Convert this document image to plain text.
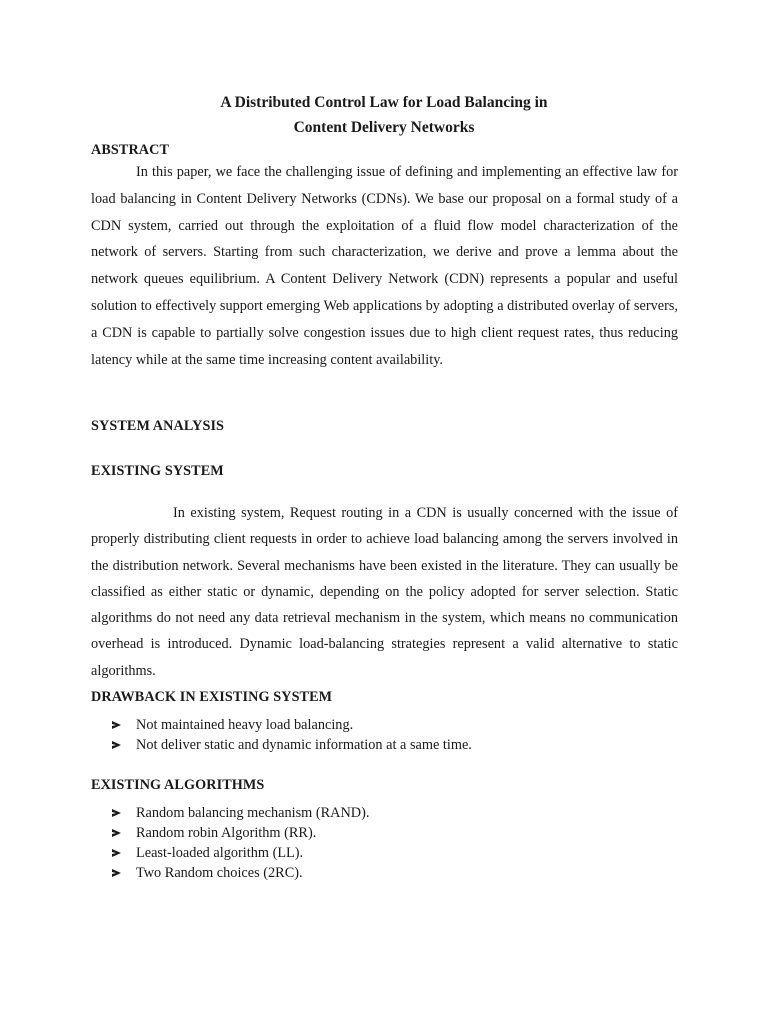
A Distributed Control Law for Load Balancing in
Content Delivery Networks
ABSTRACT

In this paper, we face the challenging issue of defining and implementing an effective law for load balancing in Content Delivery Networks (CDNs). We base our proposal on a formal study of a CDN system, carried out through the exploitation of a fluid flow model characterization of the network of servers. Starting from such characterization, we derive and prove a lemma about the network queues equilibrium. A Content Delivery Network (CDN) represents a popular and useful solution to effectively support emerging Web applications by adopting a distributed overlay of servers, a CDN is capable to partially solve congestion issues due to high client request rates, thus reducing latency while at the same time increasing content availability.

SYSTEM ANALYSIS
EXISTING SYSTEM

In existing system, Request routing in a CDN is usually concerned with the issue of properly distributing client requests in order to achieve load balancing among the servers involved in the distribution network. Several mechanisms have been existed in the literature. They can usually be classified as either static or dynamic, depending on the policy adopted for server selection. Static algorithms do not need any data retrieval mechanism in the system, which means no communication overhead is introduced. Dynamic load-balancing strategies represent a valid alternative to static algorithms.

DRAWBACK IN EXISTING SYSTEM
Not maintained heavy load balancing.
Not deliver static and dynamic information at a same time.
EXISTING ALGORITHMS
Random balancing mechanism (RAND).
Random robin Algorithm (RR).
Least-loaded algorithm (LL).
Two Random choices (2RC).
